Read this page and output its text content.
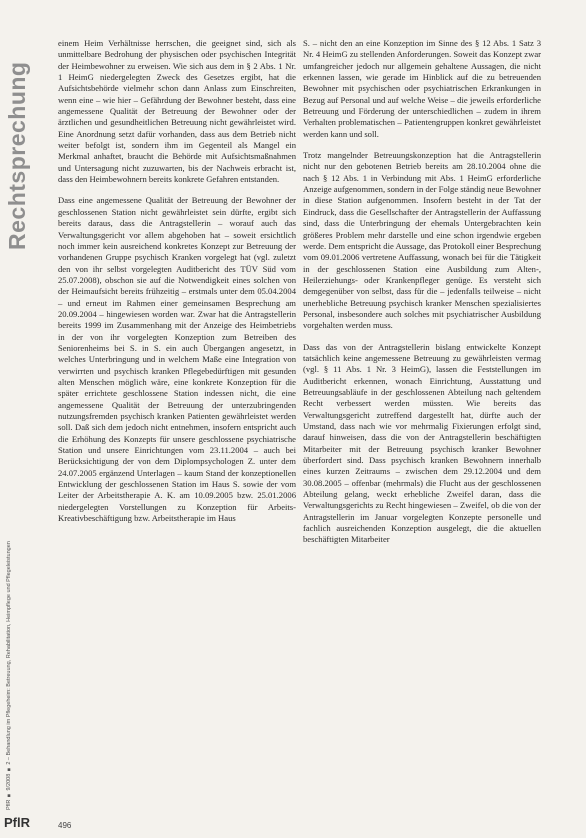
Rechtsprechung
PflR ■ 9/2008 ■ 2 – Behandlung im Pflegeheim: Betreuung, Rehabilitation, Heimpflege und Pflegeleistungen
PflR	496

einem Heim Verhältnisse herrschen, die geeignet sind, sich als unmittelbare Bedrohung der physischen oder psychischen Integrität der Heimbewohner zu erweisen. Wie sich aus dem in § 2 Abs. 1 Nr. 1 HeimG niedergelegten Zweck des Gesetzes ergibt, hat die Aufsichtsbehörde vielmehr schon dann Anlass zum Einschreiten, wenn eine – wie hier – Gefährdung der Bewohner besteht, dass eine angemessene Qualität der Betreuung der Bewohner oder der ärztlichen und gesundheitlichen Betreuung nicht gewährleistet wird. Eine Anordnung setzt dafür vorhanden, dass aus dem Betrieb nicht weiter befolgt ist, sondern ihm im Gegenteil als Mangel ein Merkmal anhaftet, braucht die Behörde mit Aufsichtsmaßnahmen und Untersagung nicht zuzuwarten, bis der Nachweis erbracht ist, dass den Heimbewohnern bereits konkrete Gefahren entstanden.

Dass eine angemessene Qualität der Betreuung der Bewohner der geschlossenen Station nicht gewährleistet sein dürfte, ergibt sich bereits daraus, dass die Antragstellerin – worauf auch das Verwaltungsgericht vor allem abgehoben hat – soweit ersichtlich noch immer kein ausreichend konkretes Konzept zur Betreuung der vorhandenen Gruppe psychisch Kranken vorgelegt hat (vgl. zuletzt den von ihr selbst vorgelegten Auditbericht des TÜV Süd vom 25.07.2008), obschon sie auf die Notwendigkeit eines solchen von der Heimaufsicht bereits frühzeitig – erstmals unter dem 05.04.2004 – und erneut im Rahmen einer gemeinsamen Besprechung am 20.09.2004 – hingewiesen worden war. Zwar hat die Antragstellerin bereits 1999 im Zusammenhang mit der Anzeige des Heimbetriebs in der von ihr vorgelegten Konzeption zum Betreiben des Seniorenheims bei S. in S. ein auch Übergangen angesetzt, in welches Unterbringung und in welchem Maße eine Integration von verwirrten und psychisch kranken Pflegebedürftigen mit gesunden alten Menschen möglich wäre, eine konkrete Konzeption für die später errichtete geschlossene Station indessen nicht, die eine angemessene Qualität der Betreuung der unterzubringenden nutzungsfremden psychisch kranken Patienten gewährleistet werden soll. Daß sich dem jedoch nicht entnehmen, insofern entspricht auch die Erhöhung des Konzepts für unsere geschlossene psychiatrische Station und unsere Einrichtungen vom 23.11.2004 – auch bei Berücksichtigung der von dem Diplompsychologen Z. unter dem 24.07.2005 ergänzend Unterlagen – kaum Stand der konzeptionellen Entwicklung der geschlossenen Station im Haus S. sowie der vom Leiter der Arbeitstherapie A. K. am 10.09.2005 bzw. 25.01.2006 niedergelegten Vorstellungen zu Konzeption für Arbeits-Kreativbeschäftigung bzw. Arbeitstherapie im Haus

S. – nicht den an eine Konzeption im Sinne des § 12 Abs. 1 Satz 3 Nr. 4 HeimG zu stellenden Anforderungen. Soweit das Konzept zwar umfangreicher jedoch nur allgemein gehaltene Aussagen, die nicht erkennen lassen, wie gerade im Hinblick auf die zu betreuenden Bewohner mit psychischen oder psychiatrischen Erkrankungen in Bezug auf Personal und auf welche Weise – die jeweils erforderliche Betreuung und Förderung der unterschiedlichen – zudem in ihrem Verhalten problematischen – Patientengruppen konkret gewährleistet werden kann und soll.

Trotz mangelnder Betreuungskonzeption hat die Antragstellerin nicht nur den gebotenen Betrieb bereits am 28.10.2004 ohne die nach § 12 Abs. 1 in Verbindung mit Abs. 1 HeimG erforderliche Anzeige aufgenommen, sondern in der Folge ständig neue Bewohner in diese Station aufgenommen. Insofern besteht in der Tat der Eindruck, dass die Gesellschafter der Antragstellerin der Auffassung sind, dass die Unterbringung der ehemals Untergebrachten kein größeres Problem mehr darstelle und eine schon irgendwie ergeben werde. Dem entspricht die Aussage, das Protokoll einer Besprechung vom 09.01.2006 vertretene Auffassung, wonach bei für die Tätigkeit in der geschlossenen Station eine Ausbildung zum Alten-, Heilerziehungs- oder Krankenpfleger genüge. Es versteht sich demgegenüber von selbst, dass für die – jedenfalls teilweise – nicht unerhebliche Betreuung psychisch kranker Menschen spezialisiertes Personal, insbesondere auch solches mit psychiatrischer Ausbildung vorgehalten werden muss.

Dass das von der Antragstellerin bislang entwickelte Konzept tatsächlich keine angemessene Betreuung zu gewährleisten vermag (vgl. § 11 Abs. 1 Nr. 3 HeimG), lassen die Feststellungen im Auditbericht erkennen, wonach Einrichtung, Ausstattung und Betreuungsabläufe in der geschlossenen Abteilung nach geltendem Recht verbessert werden müssten. Wie bereits das Verwaltungsgericht zutreffend dargestellt hat, dürfte auch der Umstand, dass nach wie vor mehrmalig Fixierungen erfolgt sind, darauf hinweisen, dass die von der Antragstellerin beschäftigten Mitarbeiter mit der Betreuung psychisch kranker Bewohner überfordert sind. Dass psychisch kranken Bewohnern innerhalb eines kurzen Zeitraums – zwischen dem 29.12.2004 und dem 30.08.2005 – offenbar (mehrmals) die Flucht aus der geschlossenen Abteilung gelang, weckt erhebliche Zweifel daran, dass die Verwaltungsgerichts zu Recht hingewiesen – Zweifel, ob die von der Antragstellerin im Januar vorgelegten Konzepte personelle und fachlich ausreichenden Konzeption ausgelegt, die die aktuellen beschäftigten Mitarbeiter
